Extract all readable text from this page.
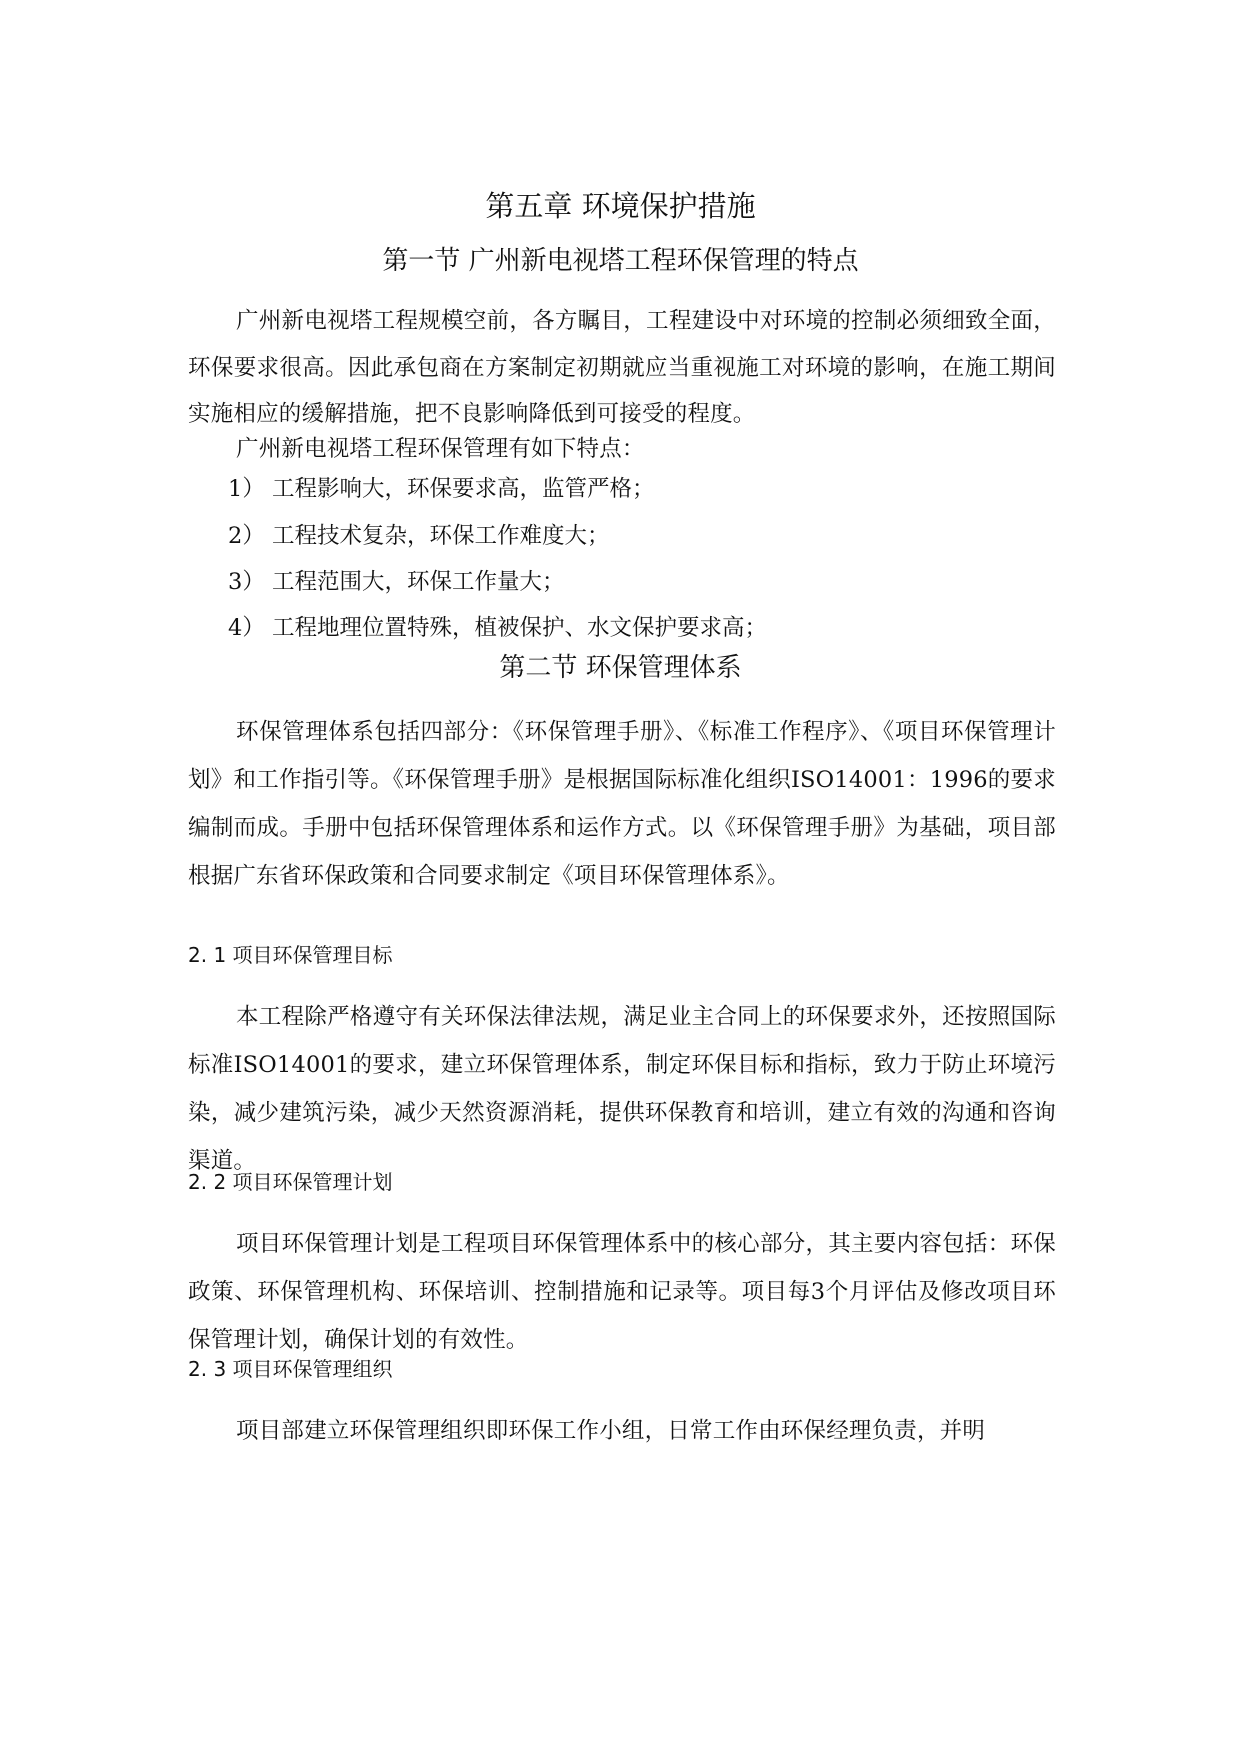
第五章 环境保护措施
第一节 广州新电视塔工程环保管理的特点

广州新电视塔工程规模空前，各方瞩目，工程建设中对环境的控制必须细致全面，环保要求很高。因此承包商在方案制定初期就应当重视施工对环境的影响，在施工期间实施相应的缓解措施，把不良影响降低到可接受的程度。

广州新电视塔工程环保管理有如下特点：

1） 工程影响大，环保要求高，监管严格；
2） 工程技术复杂，环保工作难度大；
3） 工程范围大，环保工作量大；
4） 工程地理位置特殊，植被保护、水文保护要求高；
第二节 环保管理体系

环保管理体系包括四部分：《环保管理手册》、《标准工作程序》、《项目环保管理计划》和工作指引等。《环保管理手册》是根据国际标准化组织ISO14001：1996的要求编制而成。手册中包括环保管理体系和运作方式。以《环保管理手册》为基础，项目部根据广东省环保政策和合同要求制定《项目环保管理体系》。

2. 1 项目环保管理目标

本工程除严格遵守有关环保法律法规，满足业主合同上的环保要求外，还按照国际标准ISO14001的要求，建立环保管理体系，制定环保目标和指标，致力于防止环境污染，减少建筑污染，减少天然资源消耗，提供环保教育和培训，建立有效的沟通和咨询渠道。

2. 2 项目环保管理计划

项目环保管理计划是工程项目环保管理体系中的核心部分，其主要内容包括：环保政策、环保管理机构、环保培训、控制措施和记录等。项目每3个月评估及修改项目环保管理计划，确保计划的有效性。

2. 3 项目环保管理组织

项目部建立环保管理组织即环保工作小组，日常工作由环保经理负责，并明
